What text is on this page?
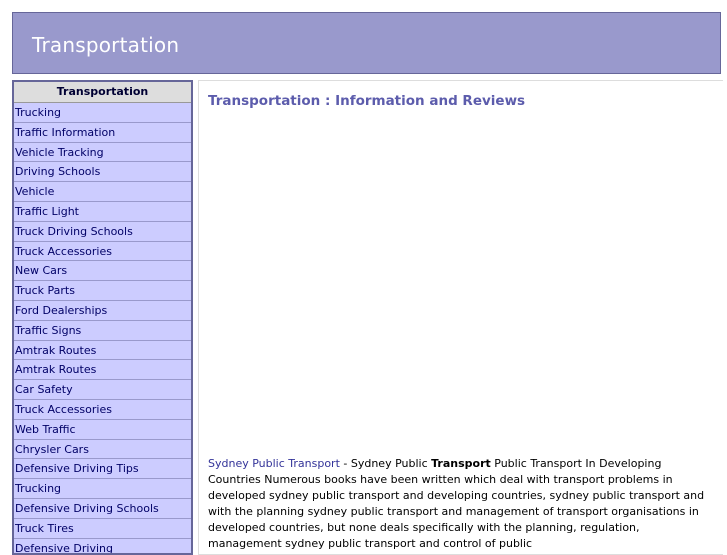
Transportation
Transportation
Trucking
Traffic Information
Vehicle Tracking
Driving Schools
Vehicle
Traffic Light
Truck Driving Schools
Truck Accessories
New Cars
Truck Parts
Ford Dealerships
Traffic Signs
Amtrak Routes
Amtrak Routes
Car Safety
Truck Accessories
Web Traffic
Chrysler Cars
Defensive Driving Tips
Trucking
Defensive Driving Schools
Truck Tires
Defensive Driving
Transportation : Information and Reviews
Sydney Public Transport - Sydney Public Transport Public Transport In Developing Countries Numerous books have been written which deal with transport problems in developed sydney public transport and developing countries, sydney public transport and with the planning sydney public transport and management of transport organisations in developed countries, but none deals specifically with the planning, regulation, management sydney public transport and control of public
